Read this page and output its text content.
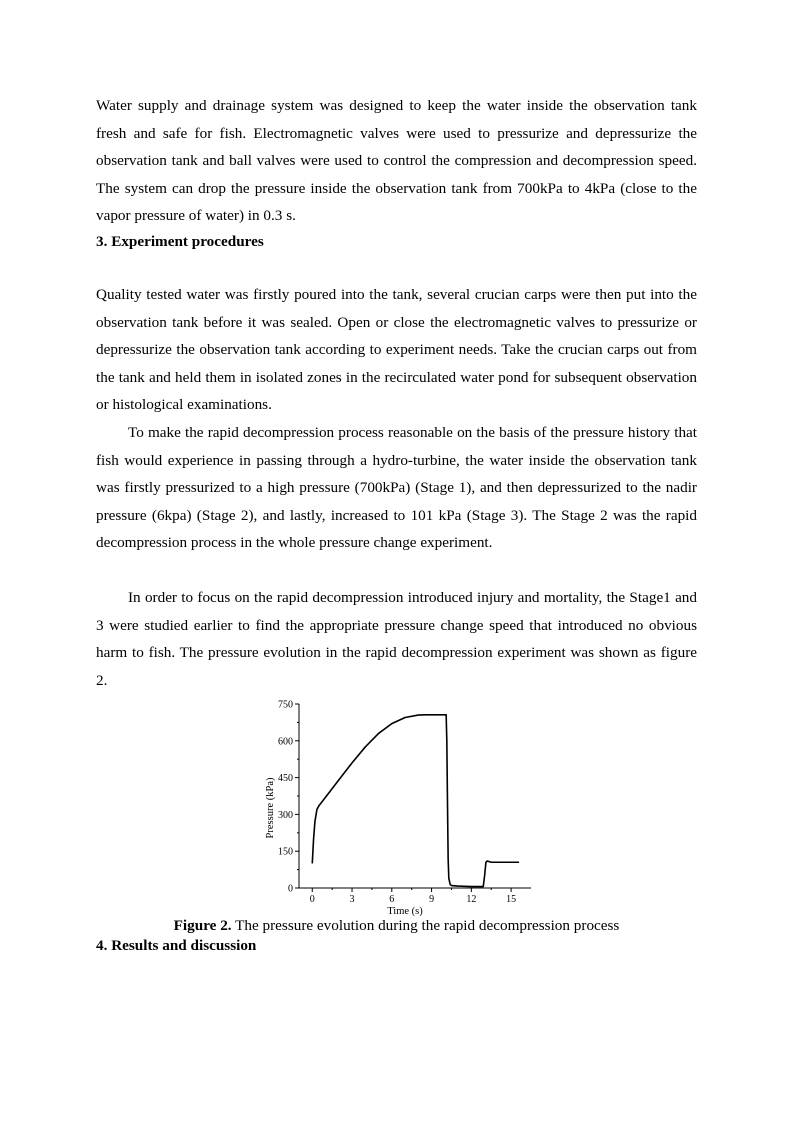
Water supply and drainage system was designed to keep the water inside the observation tank fresh and safe for fish. Electromagnetic valves were used to pressurize and depressurize the observation tank and ball valves were used to control the compression and decompression speed. The system can drop the pressure inside the observation tank from 700kPa to 4kPa (close to the vapor pressure of water) in 0.3 s.

3. Experiment procedures

Quality tested water was firstly poured into the tank, several crucian carps were then put into the observation tank before it was sealed. Open or close the electromagnetic valves to pressurize or depressurize the observation tank according to experiment needs. Take the crucian carps out from the tank and held them in isolated zones in the recirculated water pond for subsequent observation or histological examinations.

To make the rapid decompression process reasonable on the basis of the pressure history that fish would experience in passing through a hydro-turbine, the water inside the observation tank was firstly pressurized to a high pressure (700kPa) (Stage 1), and then depressurized to the nadir pressure (6kpa) (Stage 2), and lastly, increased to 101 kPa (Stage 3). The Stage 2 was the rapid decompression process in the whole pressure change experiment.

In order to focus on the rapid decompression introduced injury and mortality, the Stage1 and 3 were studied earlier to find the appropriate pressure change speed that introduced no obvious harm to fish. The pressure evolution in the rapid decompression experiment was shown as figure 2.

0
150
300
450
600
750
0	3	6	9	12	15
Time (s)
Pressure (kPa)

Figure 2. The pressure evolution during the rapid decompression process

4. Results and discussion
